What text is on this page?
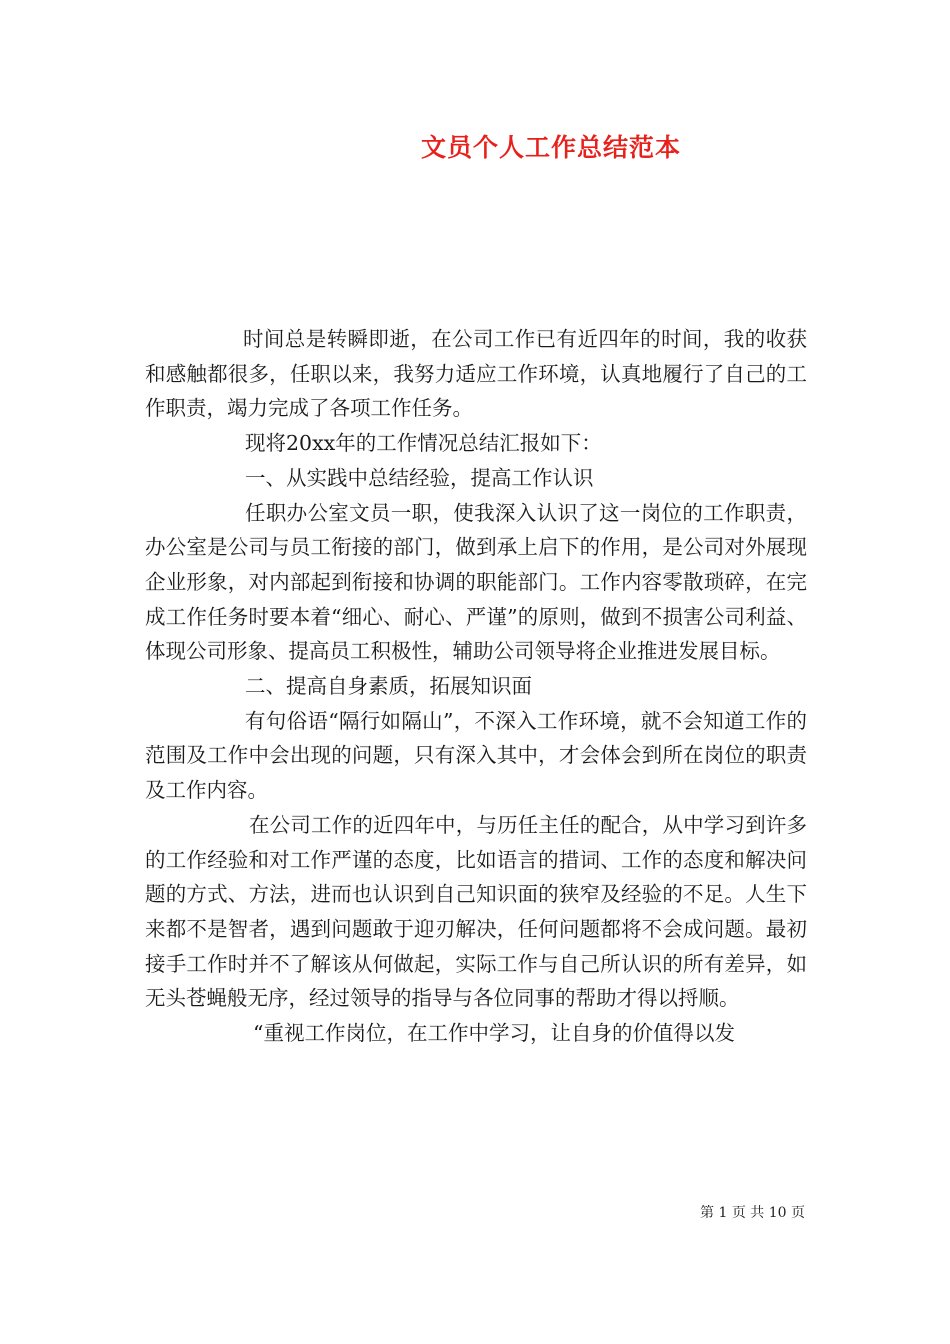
文员个人工作总结范本

时间总是转瞬即逝，在公司工作已有近四年的时间，我的收获和感触都很多，任职以来，我努力适应工作环境，认真地履行了自己的工作职责，竭力完成了各项工作任务。

现将20xx年的工作情况总结汇报如下：

一、从实践中总结经验，提高工作认识

任职办公室文员一职，使我深入认识了这一岗位的工作职责，办公室是公司与员工衔接的部门，做到承上启下的作用，是公司对外展现企业形象，对内部起到衔接和协调的职能部门。工作内容零散琐碎，在完成工作任务时要本着“细心、耐心、严谨”的原则，做到不损害公司利益、体现公司形象、提高员工积极性，辅助公司领导将企业推进发展目标。

二、提高自身素质，拓展知识面

有句俗语“隔行如隔山”，不深入工作环境，就不会知道工作的范围及工作中会出现的问题，只有深入其中，才会体会到所在岗位的职责及工作内容。

在公司工作的近四年中，与历任主任的配合，从中学习到许多的工作经验和对工作严谨的态度，比如语言的措词、工作的态度和解决问题的方式、方法，进而也认识到自己知识面的狭窄及经验的不足。人生下来都不是智者，遇到问题敢于迎刃解决，任何问题都将不会成问题。最初接手工作时并不了解该从何做起，实际工作与自己所认识的所有差异，如无头苍蝇般无序，经过领导的指导与各位同事的帮助才得以捋顺。

“重视工作岗位，在工作中学习，让自身的价值得以发

第 1 页 共 10 页
